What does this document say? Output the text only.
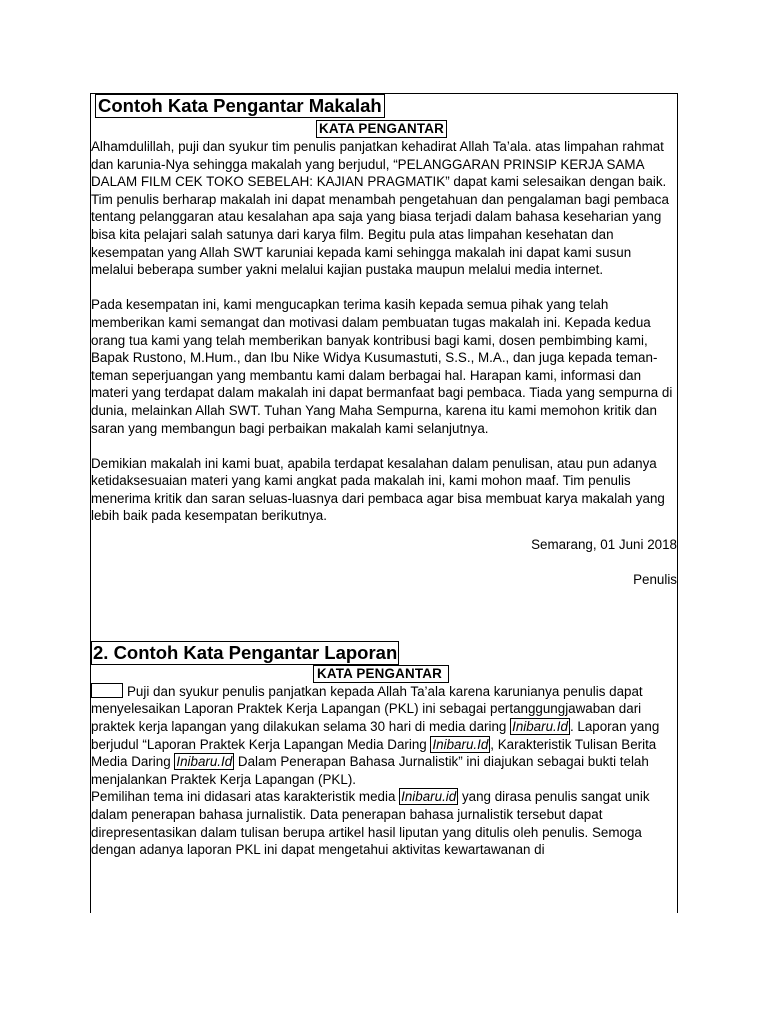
Contoh Kata Pengantar Makalah
KATA PENGANTAR

Alhamdulillah, puji dan syukur tim penulis panjatkan kehadirat Allah Ta’ala. atas limpahan rahmat dan karunia-Nya sehingga makalah yang berjudul, “PELANGGARAN PRINSIP KERJA SAMA DALAM FILM CEK TOKO SEBELAH: KAJIAN PRAGMATIK” dapat kami selesaikan dengan baik. Tim penulis berharap makalah ini dapat menambah pengetahuan dan pengalaman bagi pembaca tentang pelanggaran atau kesalahan apa saja yang biasa terjadi dalam bahasa keseharian yang bisa kita pelajari salah satunya dari karya film. Begitu pula atas limpahan kesehatan dan kesempatan yang Allah SWT karuniai kepada kami sehingga makalah ini dapat kami susun melalui beberapa sumber yakni melalui kajian pustaka maupun melalui media internet.

Pada kesempatan ini, kami mengucapkan terima kasih kepada semua pihak yang telah memberikan kami semangat dan motivasi dalam pembuatan tugas makalah ini. Kepada kedua orang tua kami yang telah memberikan banyak kontribusi bagi kami, dosen pembimbing kami, Bapak Rustono, M.Hum., dan Ibu Nike Widya Kusumastuti, S.S., M.A., dan juga kepada teman-teman seperjuangan yang membantu kami dalam berbagai hal. Harapan kami, informasi dan materi yang terdapat dalam makalah ini dapat bermanfaat bagi pembaca. Tiada yang sempurna di dunia, melainkan Allah SWT. Tuhan Yang Maha Sempurna, karena itu kami memohon kritik dan saran yang membangun bagi perbaikan makalah kami selanjutnya.

Demikian makalah ini kami buat, apabila terdapat kesalahan dalam penulisan, atau pun adanya ketidaksesuaian materi yang kami angkat pada makalah ini, kami mohon maaf. Tim penulis menerima kritik dan saran seluas-luasnya dari pembaca agar bisa membuat karya makalah yang lebih baik pada kesempatan berikutnya.

Semarang, 01 Juni 2018

Penulis

2. Contoh Kata Pengantar Laporan
KATA PENGANTAR

Puji dan syukur penulis panjatkan kepada Allah Ta’ala karena karunianya penulis dapat menyelesaikan Laporan Praktek Kerja Lapangan (PKL) ini sebagai pertanggungjawaban dari praktek kerja lapangan yang dilakukan selama 30 hari di media daring Inibaru.Id . Laporan yang berjudul “Laporan Praktek Kerja Lapangan Media Daring Inibaru.Id , Karakteristik Tulisan Berita Media Daring Inibaru.Id Dalam Penerapan Bahasa Jurnalistik” ini diajukan sebagai bukti telah menjalankan Praktek Kerja Lapangan (PKL).

Pemilihan tema ini didasari atas karakteristik media Inibaru.id yang dirasa penulis sangat unik dalam penerapan bahasa jurnalistik. Data penerapan bahasa jurnalistik tersebut dapat direpresentasikan dalam tulisan berupa artikel hasil liputan yang ditulis oleh penulis. Semoga dengan adanya laporan PKL ini dapat mengetahui aktivitas kewartawanan di
